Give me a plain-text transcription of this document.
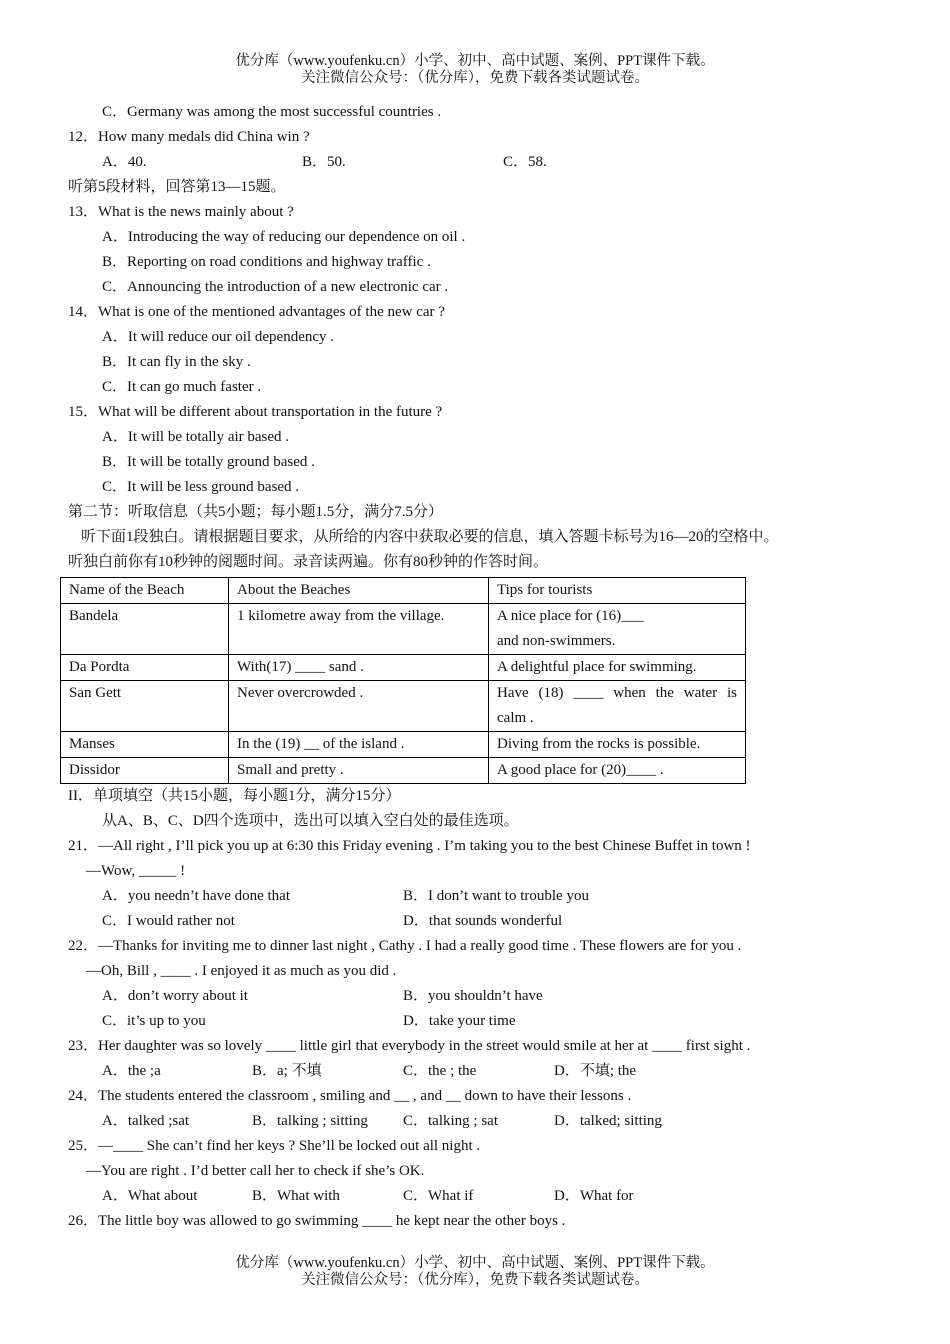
优分库（www.youfenku.cn）小学、初中、高中试题、案例、PPT课件下载。
关注微信公众号：（优分库），免费下载各类试题试卷。
C．Germany was among the most successful countries .
12．How many medals did China win ?
A．40.	B．50.	C．58.
听第5段材料，回答第13—15题。
13．What is the news mainly about ?
A．Introducing the way of reducing our dependence on oil .
B．Reporting on road conditions and highway traffic .
C．Announcing the introduction of a new electronic car .
14．What is one of the mentioned advantages of the new car ?
A．It will reduce our oil dependency .
B．It can fly in the sky .
C．It can go much faster .
15．What will be different about transportation in the future ?
A．It will be totally air based .
B．It will be totally ground based .
C．It will be less ground based .
第二节：听取信息（共5小题；每小题1.5分，满分7.5分）
听下面1段独白。请根据题目要求，从所给的内容中获取必要的信息，填入答题卡标号为16—20的空格中。
听独白前你有10秒钟的阅题时间。录音读两遍。你有80秒钟的作答时间。
Name of the Beach	About the Beaches	Tips for tourists
Bandela	1 kilometre away from the village.	A nice place for (16)___
and non-swimmers.

Da Pordta	With(17) ____ sand .	A delightful place for swimming.
San Gett	Never overcrowded .	Have (18) ____ when the water is
calm .

Manses	In the (19) __ of the island .	Diving from the rocks is possible.
Dissidor	Small and pretty .	A good place for (20)____ .
II．单项填空（共15小题，每小题1分，满分15分）
从A、B、C、D四个选项中，选出可以填入空白处的最佳选项。
21．—All right , I’ll pick you up at 6:30 this Friday evening . I’m taking you to the best Chinese Buffet in town !
—Wow, _____ !
A．you needn’t have done that	B．I don’t want to trouble you
C．I would rather not	D．that sounds wonderful
22．—Thanks for inviting me to dinner last night , Cathy . I had a really good time . These flowers are for you .
—Oh, Bill , ____ . I enjoyed it as much as you did .
A．don’t worry about it	B．you shouldn’t have
C．it’s up to you	D．take your time
23．Her daughter was so lovely ____ little girl that everybody in the street would smile at her at ____ first sight .
A．the ;a	B．a; 不填	C．the ; the	D．不填; the
24．The students entered the classroom , smiling and __ , and __ down to have their lessons .
A．talked ;sat	B．talking ; sitting C．talking ; sat	D．talked; sitting
25．—____ She can’t find her keys ? She’ll be locked out all night .
—You are right . I’d better call her to check if she’s OK.
A．What about	B．What with	C．What if	D．What for
26．The little boy was allowed to go swimming ____ he kept near the other boys .
优分库（www.youfenku.cn）小学、初中、高中试题、案例、PPT课件下载。
关注微信公众号：（优分库），免费下载各类试题试卷。
